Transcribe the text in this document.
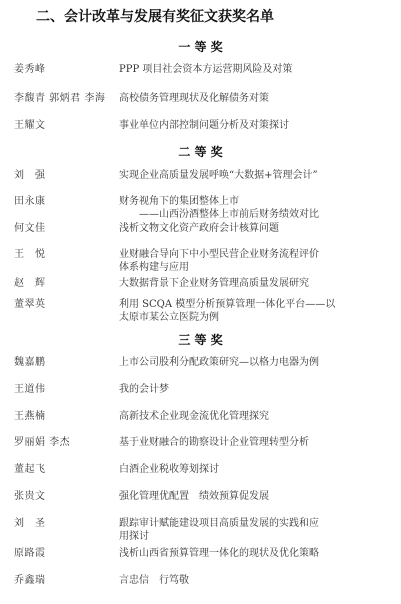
二、会计改革与发展有奖征文获奖名单
一 等 奖
姜秀峰	PPP 项目社会资本方运营期风险及对策
李馥青 郭炳君 李海 高校债务管理现状及化解债务对策
王耀文	事业单位内部控制问题分析及对策探讨
二 等 奖
刘　强	实现企业高质量发展呼唤“大数据+管理会计”
田永康	财务视角下的集团整体上市
——山西汾酒整体上市前后财务绩效对比
何文佳	浅析文物文化资产政府会计核算问题
王　悦	业财融合导向下中小型民营企业财务流程评价
体系构建与应用
赵　辉	大数据背景下企业财务管理高质量发展研究
董翠英	利用 SCQA 模型分析预算管理一体化平台——以
太原市某公立医院为例
三 等 奖
魏嘉鹏	上市公司股利分配政策研究—以格力电器为例
王道伟	我的会计梦
王燕楠	高新技术企业现金流优化管理探究
罗丽娟 李杰	基于业财融合的勘察设计企业管理转型分析
董起飞	白酒企业税收筹划探讨
张贵文	强化管理优配置　绩效预算促发展
刘　圣	跟踪审计赋能建设项目高质量发展的实践和应
用探讨
原路霞	浅析山西省预算管理一体化的现状及优化策略
乔鑫瑞	言忠信　行笃敬
